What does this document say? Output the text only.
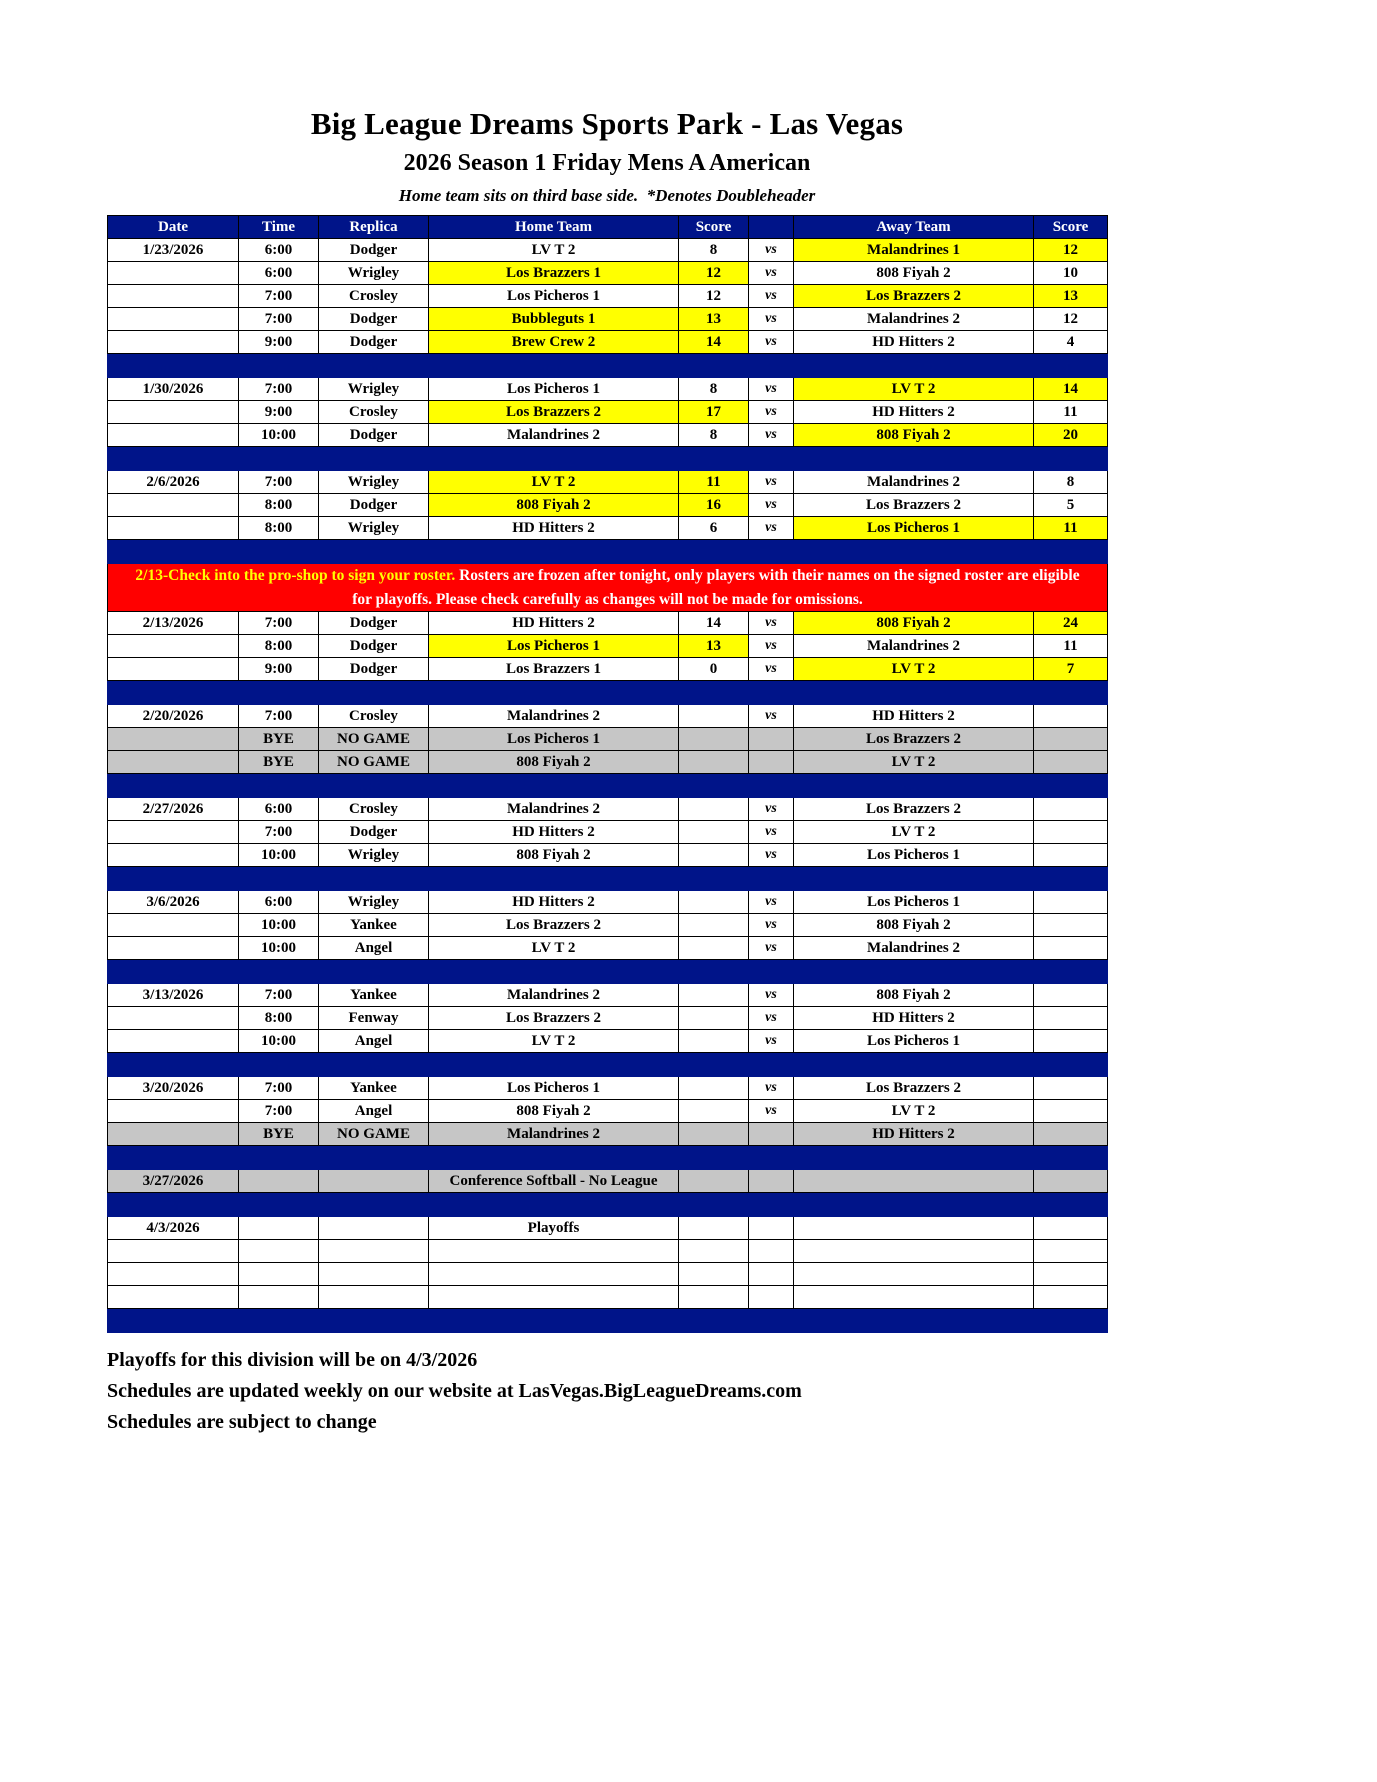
Big League Dreams Sports Park - Las Vegas
2026 Season 1 Friday Mens A American
Home team sits on third base side.  *Denotes Doubleheader
Date	Time	Replica	Home Team	Score		Away Team	Score
1/23/2026	6:00	Dodger	LV T 2	8	vs	Malandrines 1	12
	6:00	Wrigley	Los Brazzers 1	12	vs	808 Fiyah 2	10
	7:00	Crosley	Los Picheros 1	12	vs	Los Brazzers 2	13
	7:00	Dodger	Bubbleguts 1	13	vs	Malandrines 2	12
	9:00	Dodger	Brew Crew 2	14	vs	HD Hitters 2	4

1/30/2026	7:00	Wrigley	Los Picheros 1	8	vs	LV T 2	14
	9:00	Crosley	Los Brazzers 2	17	vs	HD Hitters 2	11
	10:00	Dodger	Malandrines 2	8	vs	808 Fiyah 2	20

2/6/2026	7:00	Wrigley	LV T 2	11	vs	Malandrines 2	8
	8:00	Dodger	808 Fiyah 2	16	vs	Los Brazzers 2	5
	8:00	Wrigley	HD Hitters 2	6	vs	Los Picheros 1	11

2/13-Check into the pro-shop to sign your roster. Rosters are frozen after tonight, only players with their names on the signed roster are eligible for playoffs. Please check carefully as changes will not be made for omissions.							
2/13/2026	7:00	Dodger	HD Hitters 2	14	vs	808 Fiyah 2	24
	8:00	Dodger	Los Picheros 1	13	vs	Malandrines 2	11
	9:00	Dodger	Los Brazzers 1	0	vs	LV T 2	7

2/20/2026	7:00	Crosley	Malandrines 2		vs	HD Hitters 2	
	BYE	NO GAME	Los Picheros 1			Los Brazzers 2	
	BYE	NO GAME	808 Fiyah 2			LV T 2	

2/27/2026	6:00	Crosley	Malandrines 2		vs	Los Brazzers 2	
	7:00	Dodger	HD Hitters 2		vs	LV T 2	
	10:00	Wrigley	808 Fiyah 2		vs	Los Picheros 1	

3/6/2026	6:00	Wrigley	HD Hitters 2		vs	Los Picheros 1	
	10:00	Yankee	Los Brazzers 2		vs	808 Fiyah 2	
	10:00	Angel	LV T 2		vs	Malandrines 2	

3/13/2026	7:00	Yankee	Malandrines 2		vs	808 Fiyah 2	
	8:00	Fenway	Los Brazzers 2		vs	HD Hitters 2	
	10:00	Angel	LV T 2		vs	Los Picheros 1	

3/20/2026	7:00	Yankee	Los Picheros 1		vs	Los Brazzers 2	
	7:00	Angel	808 Fiyah 2		vs	LV T 2	
	BYE	NO GAME	Malandrines 2			HD Hitters 2	

3/27/2026			Conference Softball - No League				

4/3/2026			Playoffs				

Playoffs for this division will be on 4/3/2026
Schedules are updated weekly on our website at LasVegas.BigLeagueDreams.com
Schedules are subject to change
